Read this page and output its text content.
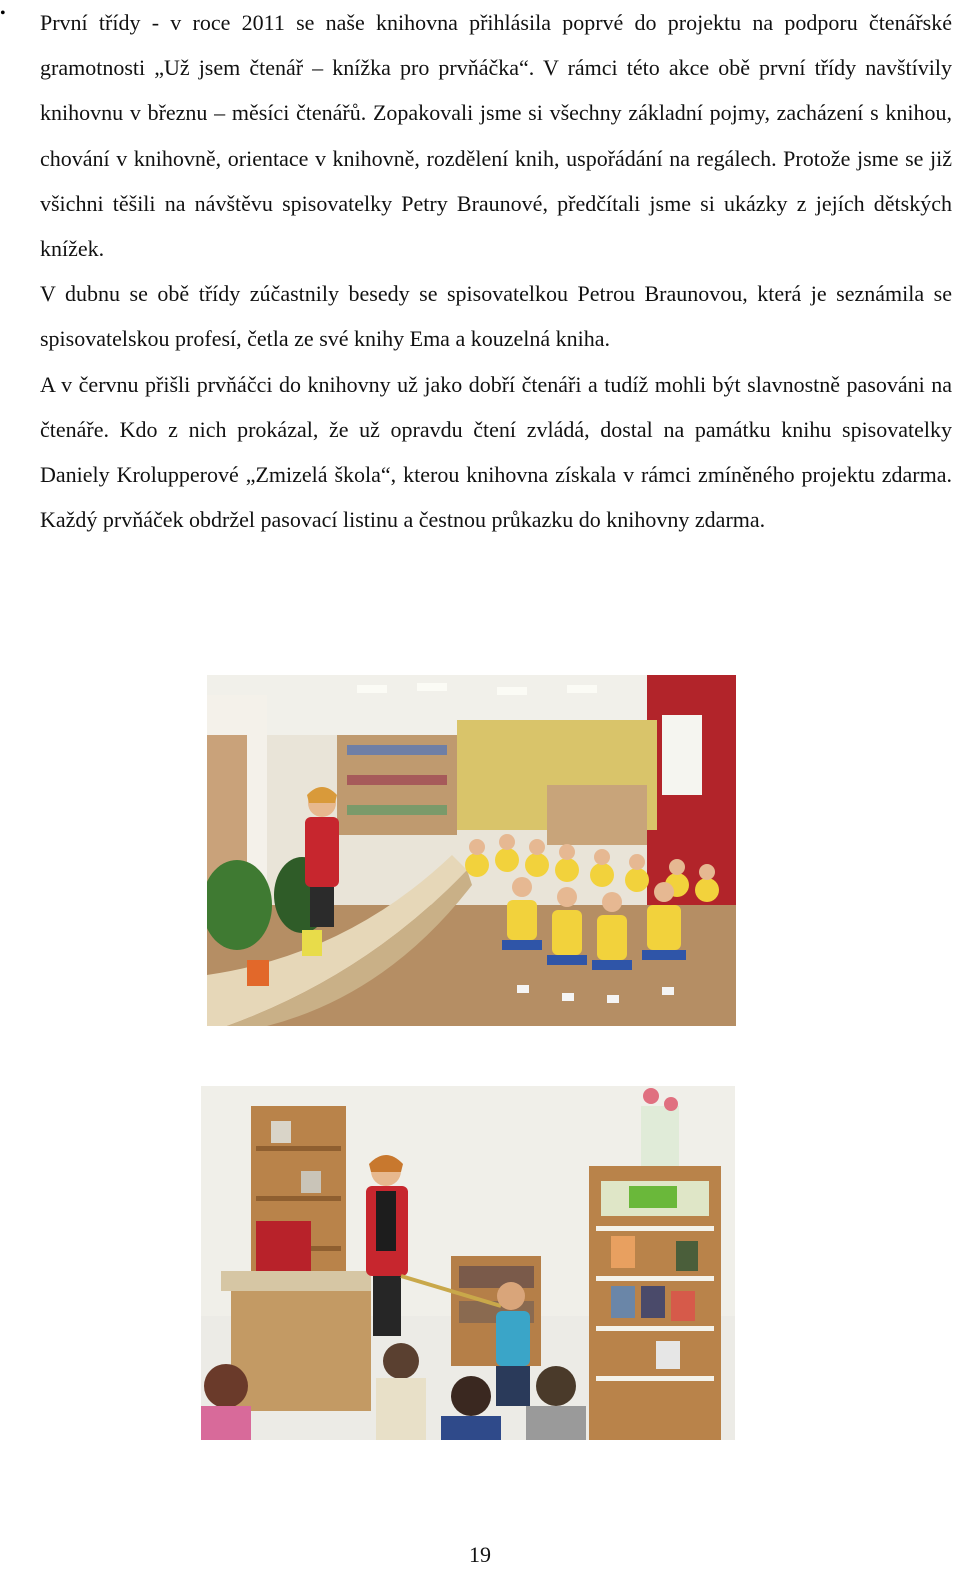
•	První třídy - v roce 2011 se naše knihovna přihlásila poprvé do projektu na podporu čtenářské gramotnosti „Už jsem čtenář – knížka pro prvňáčka“. V rámci této akce obě první třídy navštívily knihovnu v březnu – měsíci čtenářů. Zopakovali jsme si všechny základní pojmy, zacházení s knihou, chování v knihovně, orientace v knihovně, rozdělení knih, uspořádání na regálech. Protože jsme se již všichni těšili na návštěvu spisovatelky Petry Braunové, předčítali jsme si ukázky z jejích dětských knížek.

V dubnu se obě třídy zúčastnily besedy se spisovatelkou Petrou Braunovou, která je seznámila se spisovatelskou profesí, četla ze své knihy Ema a kouzelná kniha.

A v červnu přišli prvňáčci do knihovny už jako dobří čtenáři a tudíž mohli být slavnostně pasováni na čtenáře. Kdo z nich prokázal, že už opravdu čtení zvládá, dostal na památku knihu spisovatelky Daniely Krolupperové „Zmizelá škola“, kterou knihovna získala v rámci zmíněného projektu zdarma. Každý prvňáček obdržel pasovací listinu a čestnou průkazku do knihovny zdarma.

19
